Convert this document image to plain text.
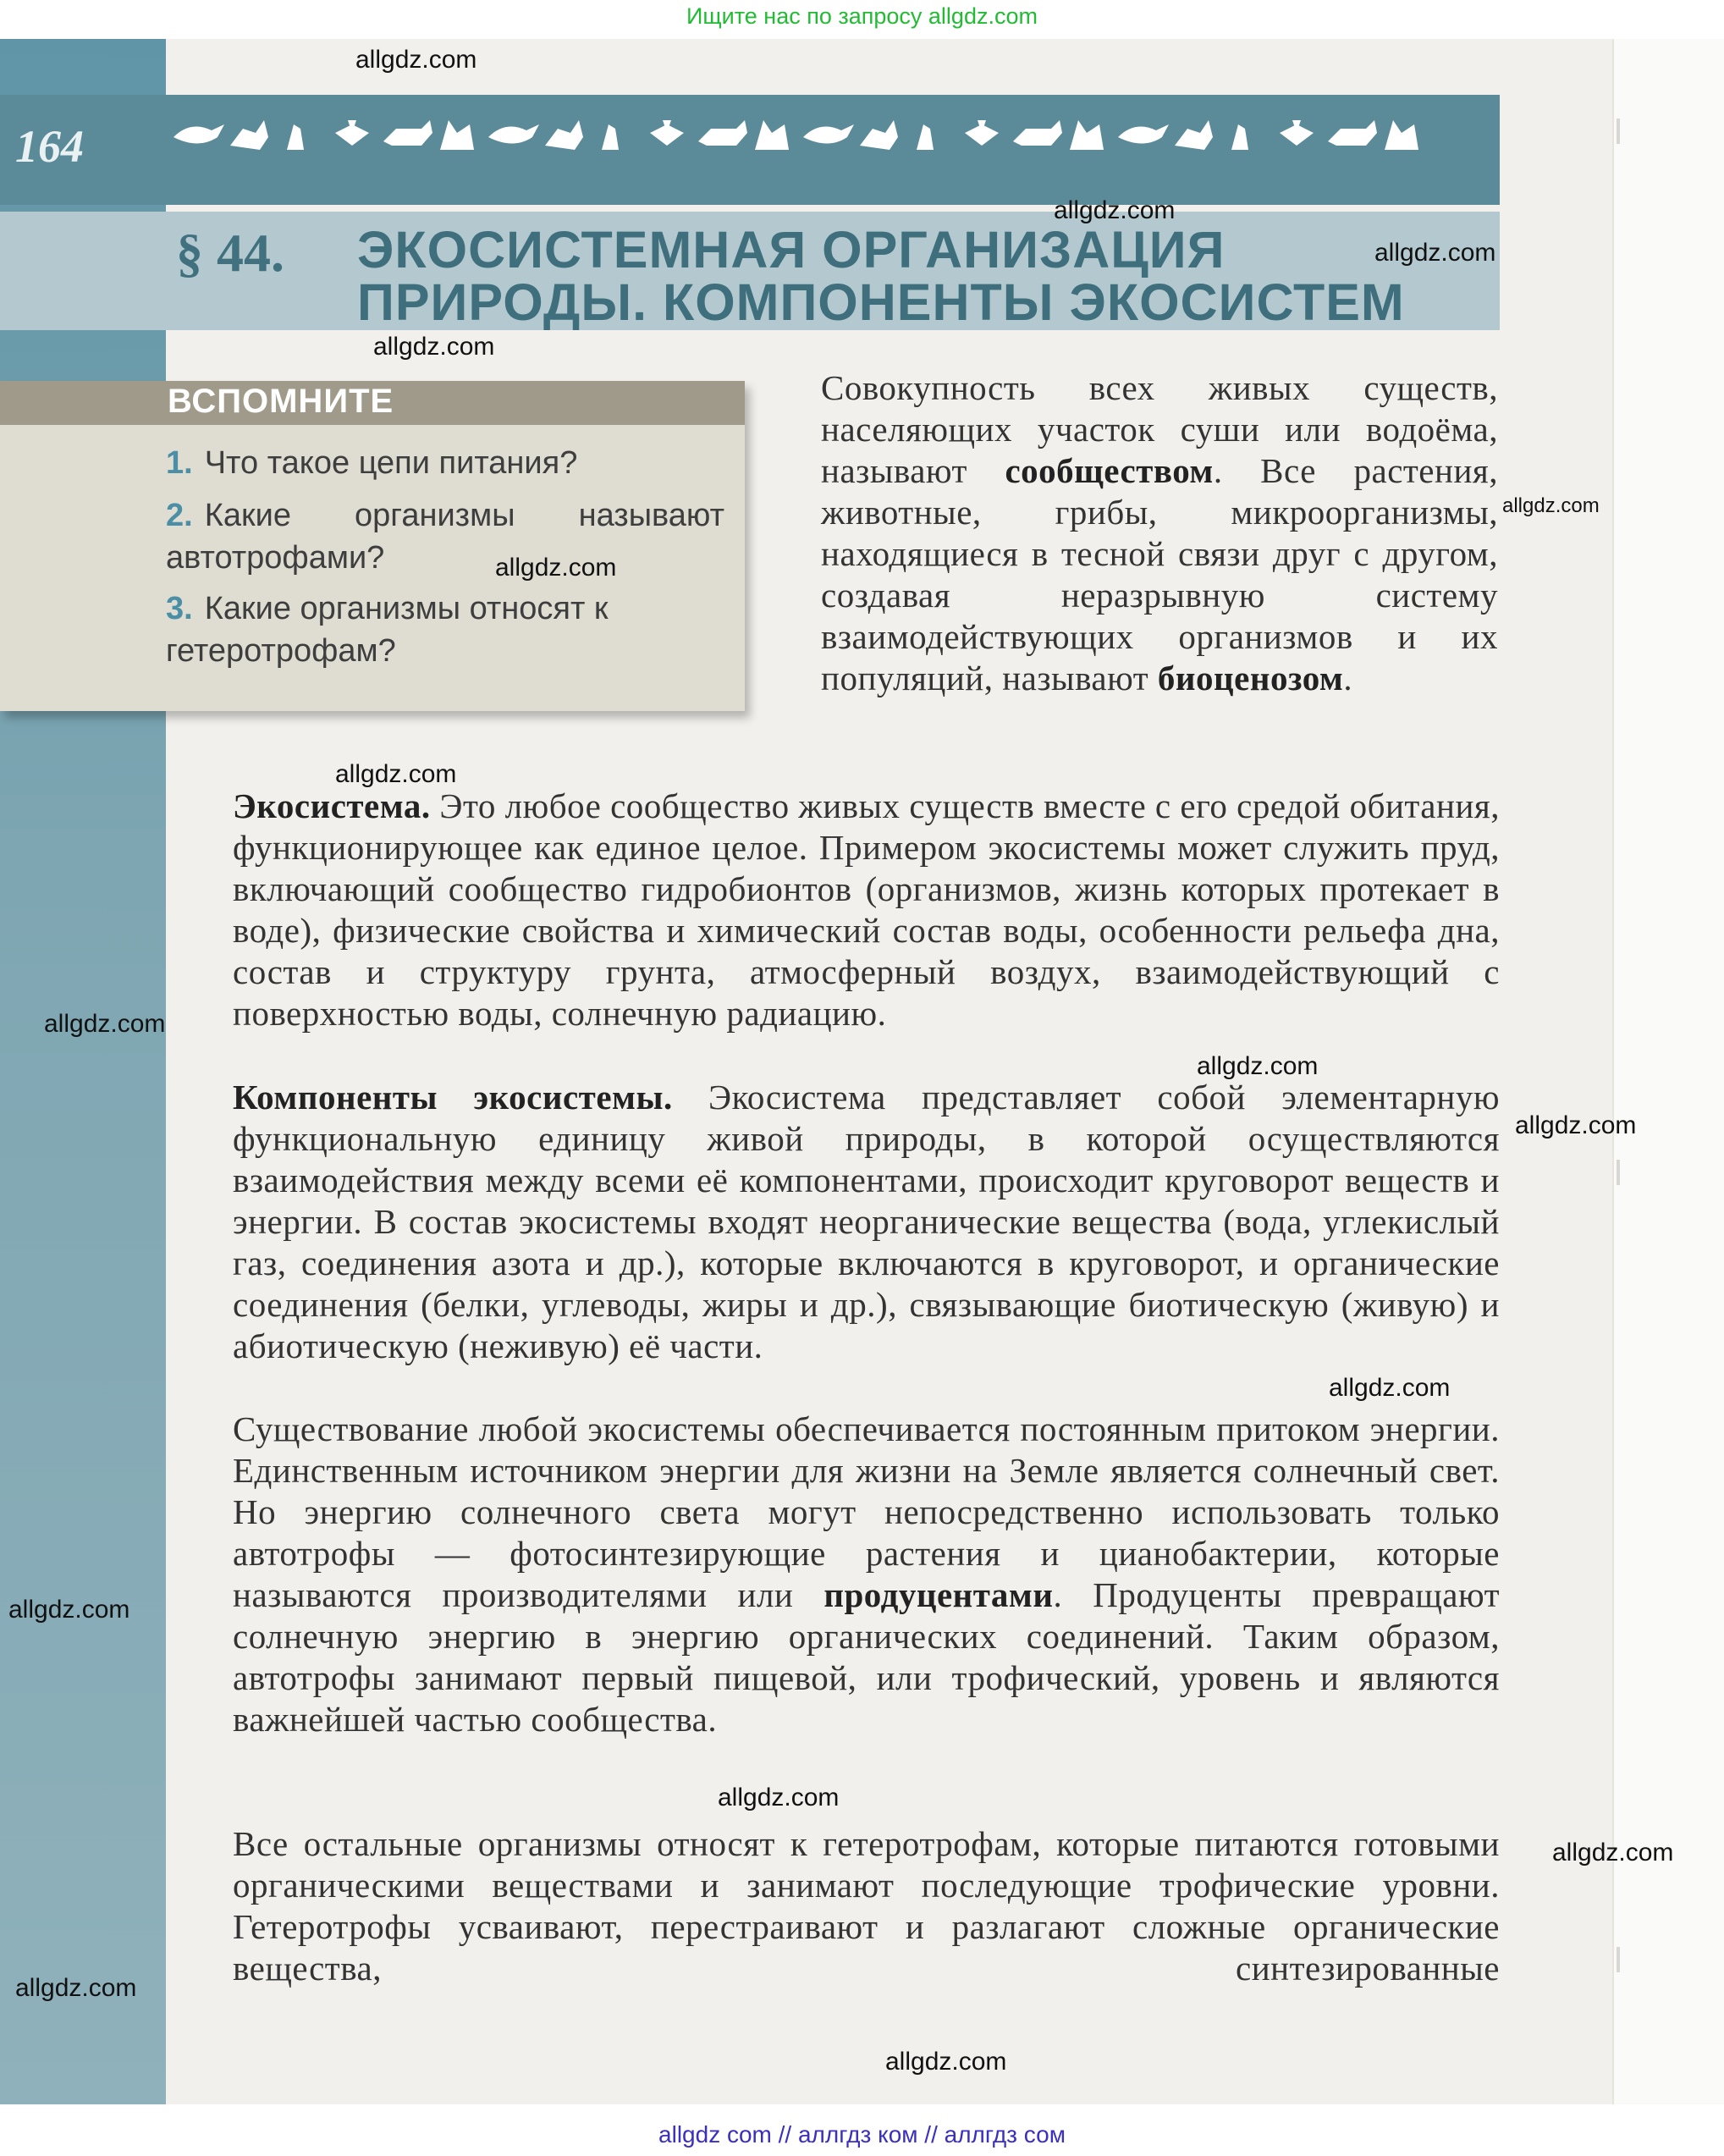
Ищите нас по запросу allgdz.com
164
§ 44. ЭКОСИСТЕМНАЯ ОРГАНИЗАЦИЯ
ПРИРОДЫ. КОМПОНЕНТЫ ЭКОСИСТЕМ
ВСПОМНИТЕ
1. Что такое цепи питания?
2. Какие организмы называют автотрофами?
3. Какие организмы относят к гетеротрофам?
Совокупность всех живых существ, населяющих участок суши или водоёма, называют сообществом. Все растения, животные, грибы, микроорганизмы, находящиеся в тесной связи друг с другом, создавая неразрывную систему взаимодействующих организмов и их популяций, называют биоценозом.
Экосистема. Это любое сообщество живых существ вместе с его средой обитания, функционирующее как единое целое. Примером экосистемы может служить пруд, включающий сообщество гидробионтов (организмов, жизнь которых протекает в воде), физические свойства и химический состав воды, особенности рельефа дна, состав и структуру грунта, атмосферный воздух, взаимодействующий с поверхностью воды, солнечную радиацию.
Компоненты экосистемы. Экосистема представляет собой элементарную функциональную единицу живой природы, в которой осуществляются взаимодействия между всеми её компонентами, происходит круговорот веществ и энергии. В состав экосистемы входят неорганические вещества (вода, углекислый газ, соединения азота и др.), которые включаются в круговорот, и органические соединения (белки, углеводы, жиры и др.), связывающие биотическую (живую) и абиотическую (неживую) её части.
Существование любой экосистемы обеспечивается постоянным притоком энергии. Единственным источником энергии для жизни на Земле является солнечный свет. Но энергию солнечного света могут непосредственно использовать только автотрофы — фотосинтезирующие растения и цианобактерии, которые называются производителями или продуцентами. Продуценты превращают солнечную энергию в энергию органических соединений. Таким образом, автотрофы занимают первый пищевой, или трофический, уровень и являются важнейшей частью сообщества.
Все остальные организмы относят к гетеротрофам, которые питаются готовыми органическими веществами и занимают последующие трофические уровни. Гетеротрофы усваивают, перестраивают и разлагают сложные органические вещества, синтезированные
allgdz.com
allgdz.com
allgdz.com
allgdz.com
allgdz.com
allgdz.com
allgdz.com
allgdz.com
allgdz.com
allgdz.com
allgdz.com
allgdz.com
allgdz.com
allgdz.com
allgdz.com
allgdz.com
allgdz com // аллгдз ком // аллгдз сом
